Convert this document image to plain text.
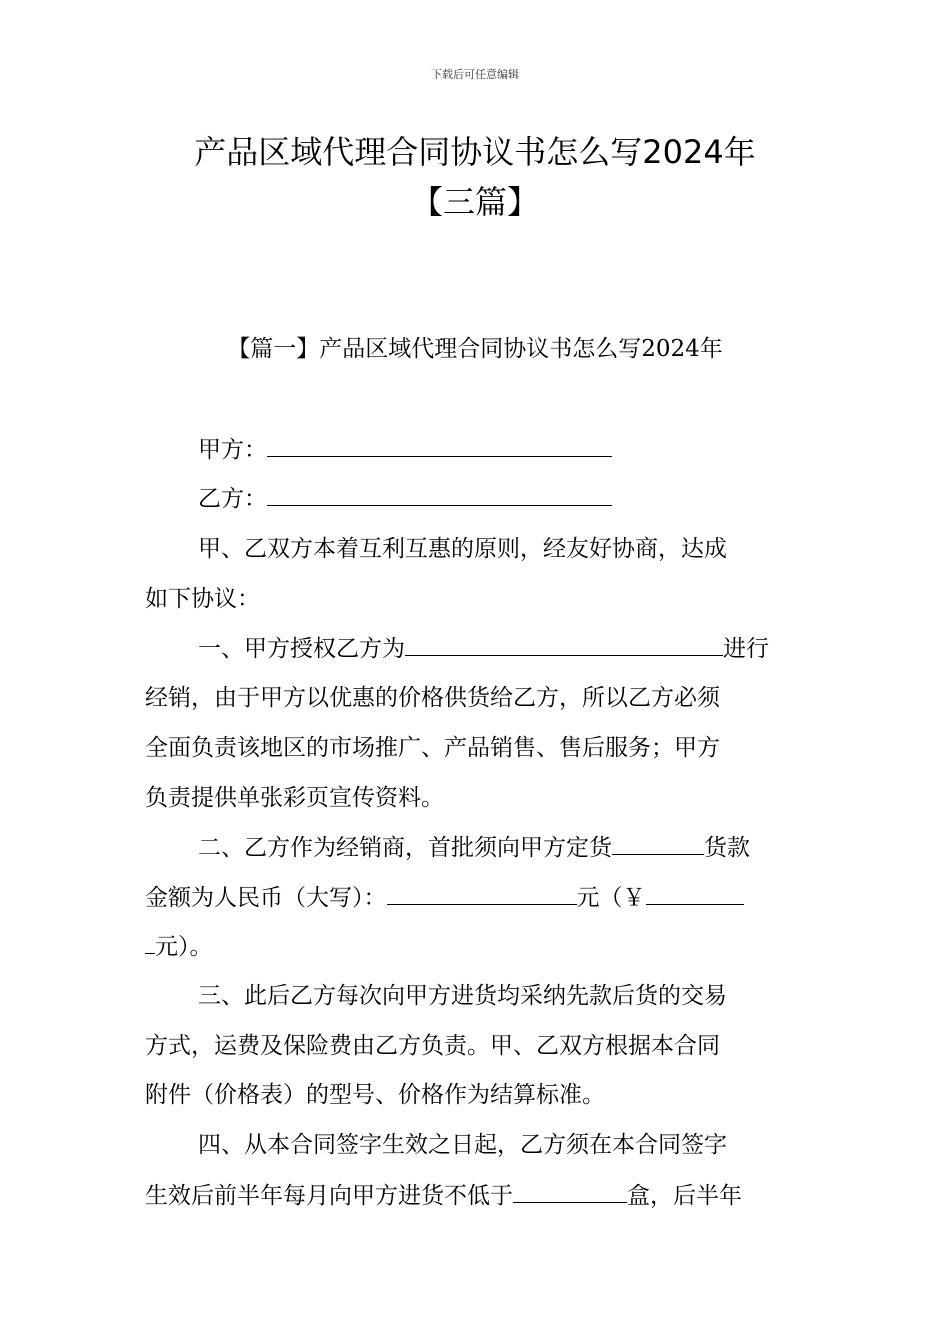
下载后可任意编辑
产品区域代理合同协议书怎么写2024年
【三篇】
【篇一】产品区域代理合同协议书怎么写2024年
甲方：
乙方：
甲、乙双方本着互利互惠的原则，经友好协商，达成
如下协议：
一、甲方授权乙方为	进行
经销，由于甲方以优惠的价格供货给乙方，所以乙方必须
全面负责该地区的市场推广、产品销售、售后服务；甲方
负责提供单张彩页宣传资料。
二、乙方作为经销商，首批须向甲方定货	货款
金额为人民币（大写）：	元（￥
元）。
三、此后乙方每次向甲方进货均采纳先款后货的交易
方式，运费及保险费由乙方负责。甲、乙双方根据本合同
附件（价格表）的型号、价格作为结算标准。
四、从本合同签字生效之日起，乙方须在本合同签字
生效后前半年每月向甲方进货不低于	盒，后半年
